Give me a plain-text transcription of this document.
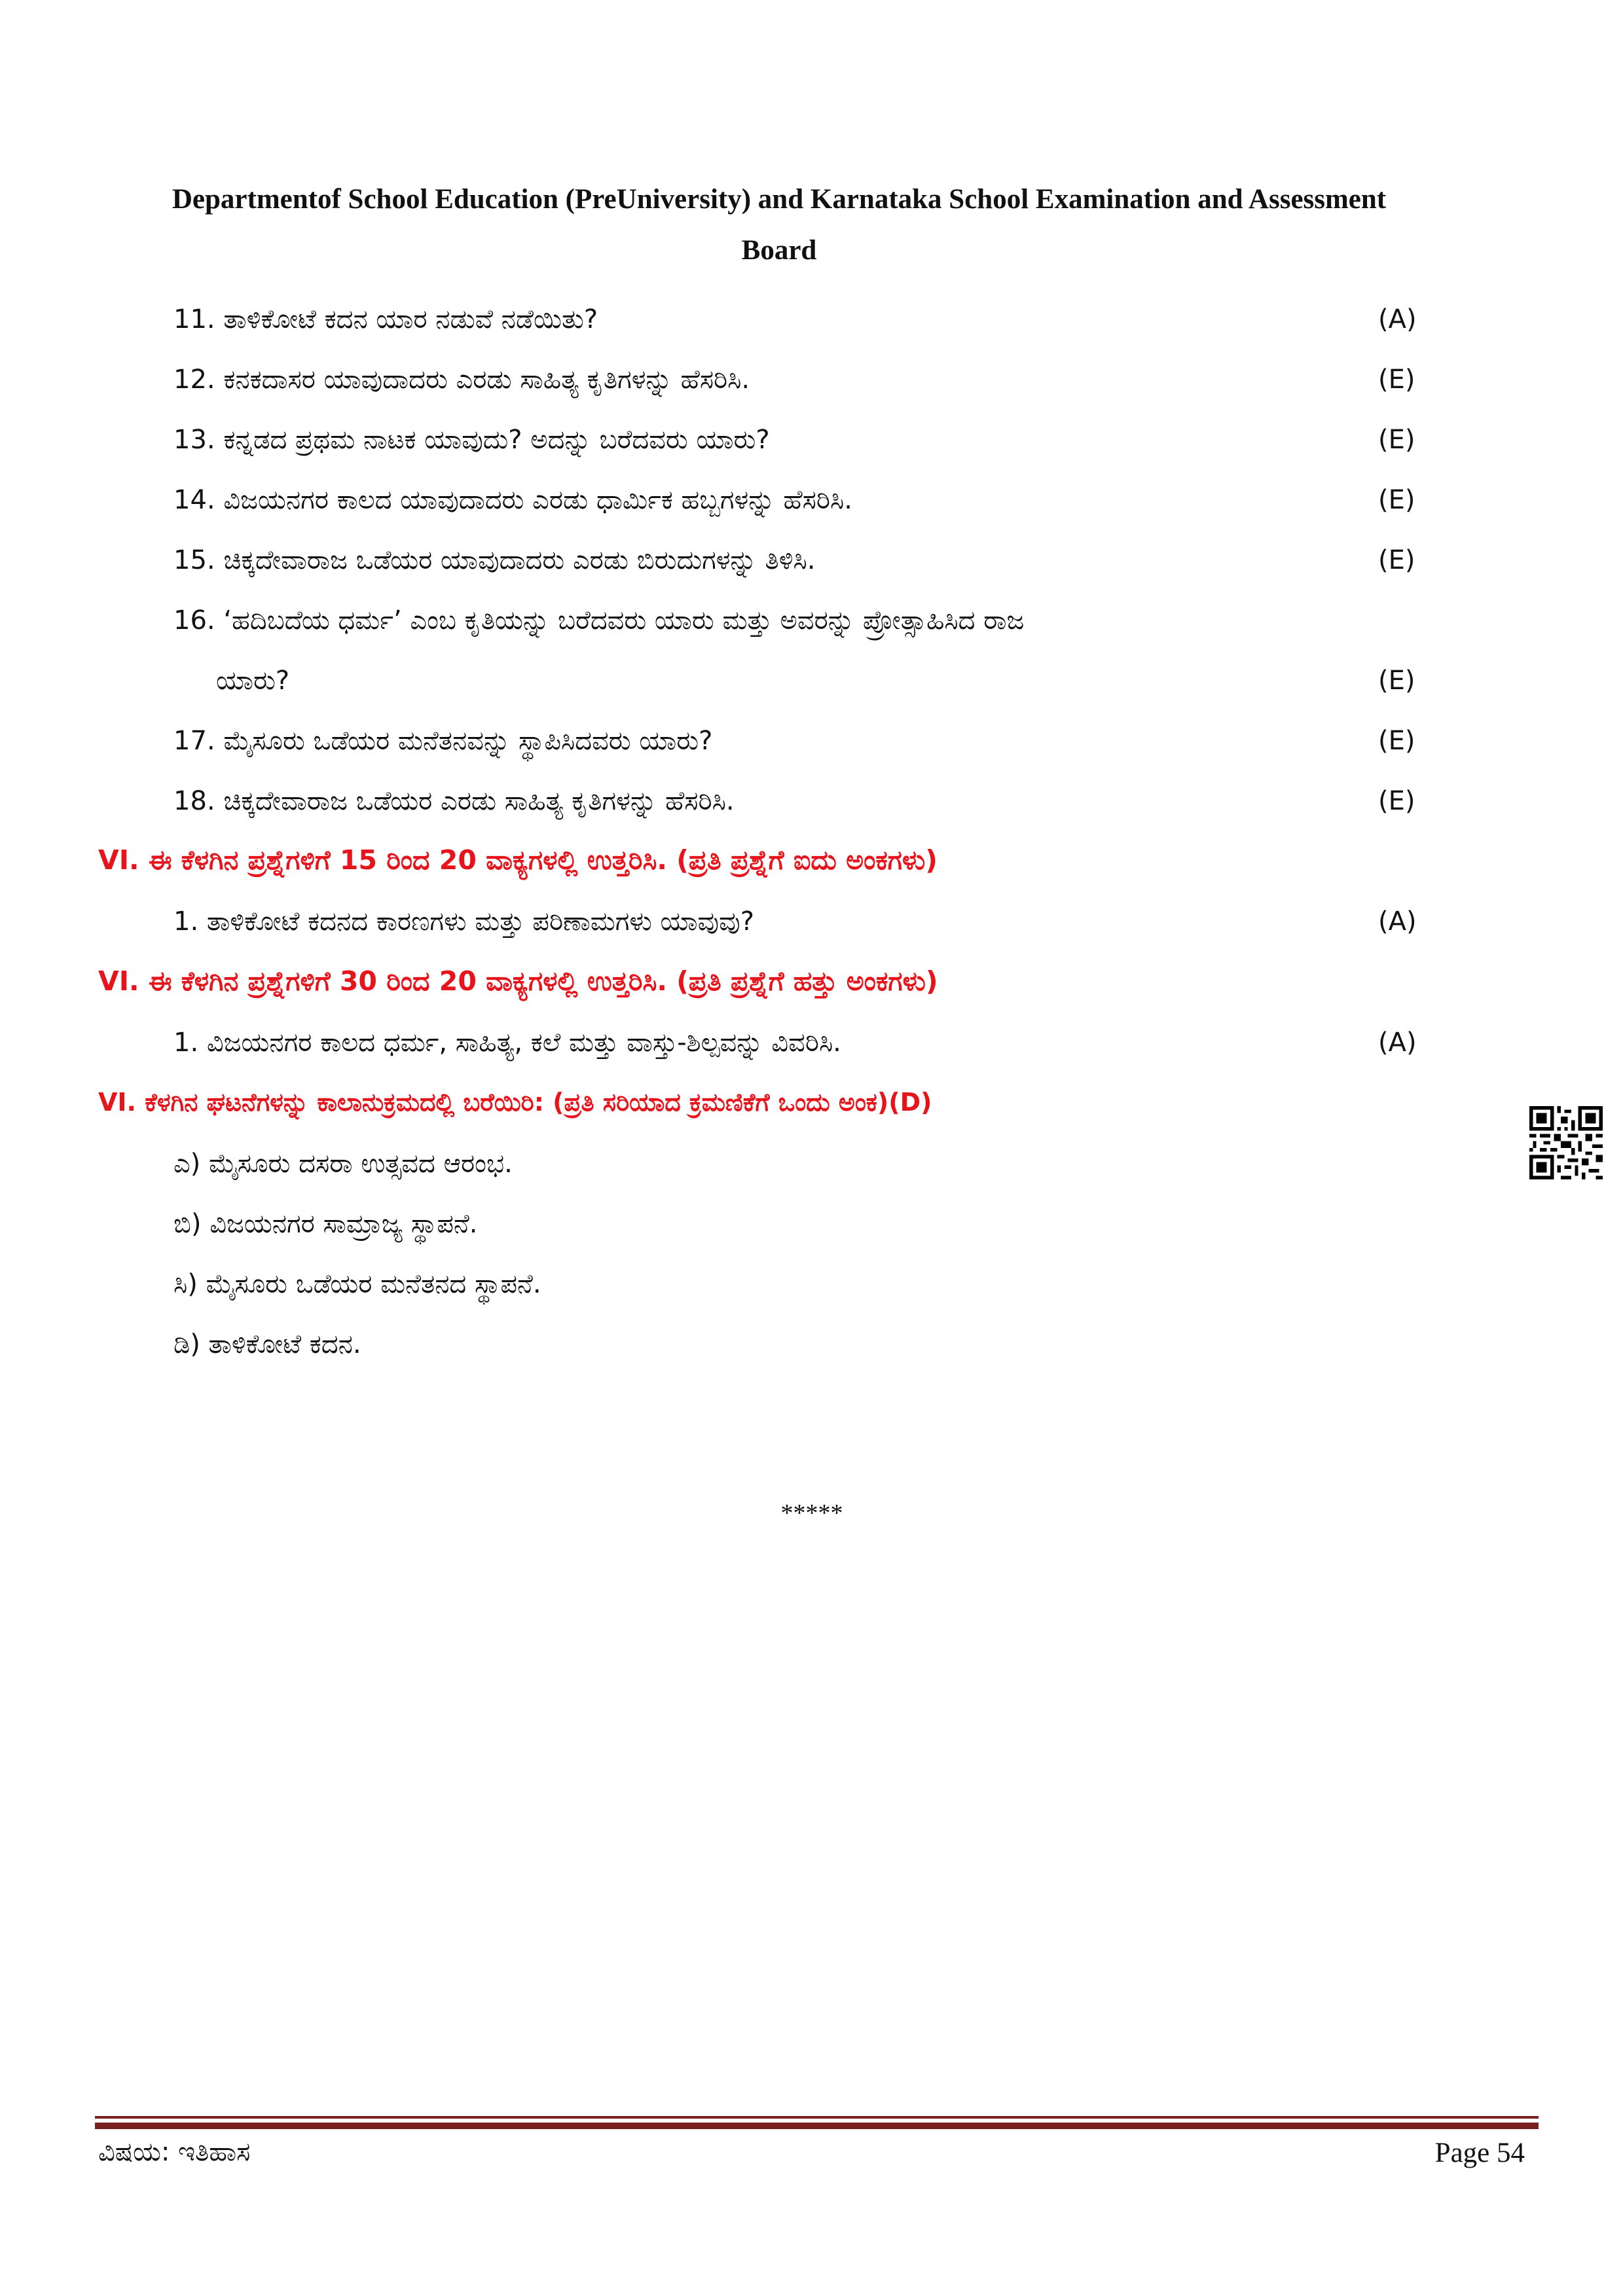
Departmentof School Education (PreUniversity) and Karnataka School Examination and Assessment
Board
11. ತಾಳಿಕೋಟೆ ಕದನ ಯಾರ ನಡುವೆ ನಡೆಯಿತು?	(A)
12. ಕನಕದಾಸರ ಯಾವುದಾದರು ಎರಡು ಸಾಹಿತ್ಯ ಕೃತಿಗಳನ್ನು ಹೆಸರಿಸಿ.	(E)
13. ಕನ್ನಡದ ಪ್ರಥಮ ನಾಟಕ ಯಾವುದು? ಅದನ್ನು ಬರೆದವರು ಯಾರು?	(E)
14. ವಿಜಯನಗರ ಕಾಲದ ಯಾವುದಾದರು ಎರಡು ಧಾರ್ಮಿಕ ಹಬ್ಬಗಳನ್ನು ಹೆಸರಿಸಿ.	(E)
15. ಚಿಕ್ಕದೇವಾರಾಜ ಒಡೆಯರ ಯಾವುದಾದರು ಎರಡು ಬಿರುದುಗಳನ್ನು ತಿಳಿಸಿ.	(E)
16. ‘ಹದಿಬದೆಯ ಧರ್ಮ’ ಎಂಬ ಕೃತಿಯನ್ನು ಬರೆದವರು ಯಾರು ಮತ್ತು ಅವರನ್ನು ಪ್ರೋತ್ಸಾಹಿಸಿದ ರಾಜ
ಯಾರು?	(E)
17. ಮೈಸೂರು ಒಡೆಯರ ಮನೆತನವನ್ನು ಸ್ಥಾಪಿಸಿದವರು ಯಾರು?	(E)
18. ಚಿಕ್ಕದೇವಾರಾಜ ಒಡೆಯರ ಎರಡು ಸಾಹಿತ್ಯ ಕೃತಿಗಳನ್ನು ಹೆಸರಿಸಿ.	(E)
VI. ಈ ಕೆಳಗಿನ ಪ್ರಶ್ನೆಗಳಿಗೆ 15 ರಿಂದ 20 ವಾಕ್ಯಗಳಲ್ಲಿ ಉತ್ತರಿಸಿ. (ಪ್ರತಿ ಪ್ರಶ್ನೆಗೆ ಐದು ಅಂಕಗಳು)
1. ತಾಳಿಕೋಟೆ ಕದನದ ಕಾರಣಗಳು ಮತ್ತು ಪರಿಣಾಮಗಳು ಯಾವುವು?	(A)
VI. ಈ ಕೆಳಗಿನ ಪ್ರಶ್ನೆಗಳಿಗೆ 30 ರಿಂದ 20 ವಾಕ್ಯಗಳಲ್ಲಿ ಉತ್ತರಿಸಿ. (ಪ್ರತಿ ಪ್ರಶ್ನೆಗೆ ಹತ್ತು ಅಂಕಗಳು)
1. ವಿಜಯನಗರ ಕಾಲದ ಧರ್ಮ, ಸಾಹಿತ್ಯ, ಕಲೆ ಮತ್ತು ವಾಸ್ತು-ಶಿಲ್ಪವನ್ನು ವಿವರಿಸಿ.	(A)
VI. ಕೆಳಗಿನ ಘಟನೆಗಳನ್ನು ಕಾಲಾನುಕ್ರಮದಲ್ಲಿ ಬರೆಯಿರಿ: (ಪ್ರತಿ ಸರಿಯಾದ ಕ್ರಮಣಿಕೆಗೆ ಒಂದು ಅಂಕ)(D)
ಎ) ಮೈಸೂರು ದಸರಾ ಉತ್ಸವದ ಆರಂಭ.
ಬಿ) ವಿಜಯನಗರ ಸಾಮ್ರಾಜ್ಯ ಸ್ಥಾಪನೆ.
ಸಿ) ಮೈಸೂರು ಒಡೆಯರ ಮನೆತನದ ಸ್ಥಾಪನೆ.
ಡಿ) ತಾಳಿಕೋಟೆ ಕದನ.
*****
ವಿಷಯ: ಇತಿಹಾಸ	Page 54
